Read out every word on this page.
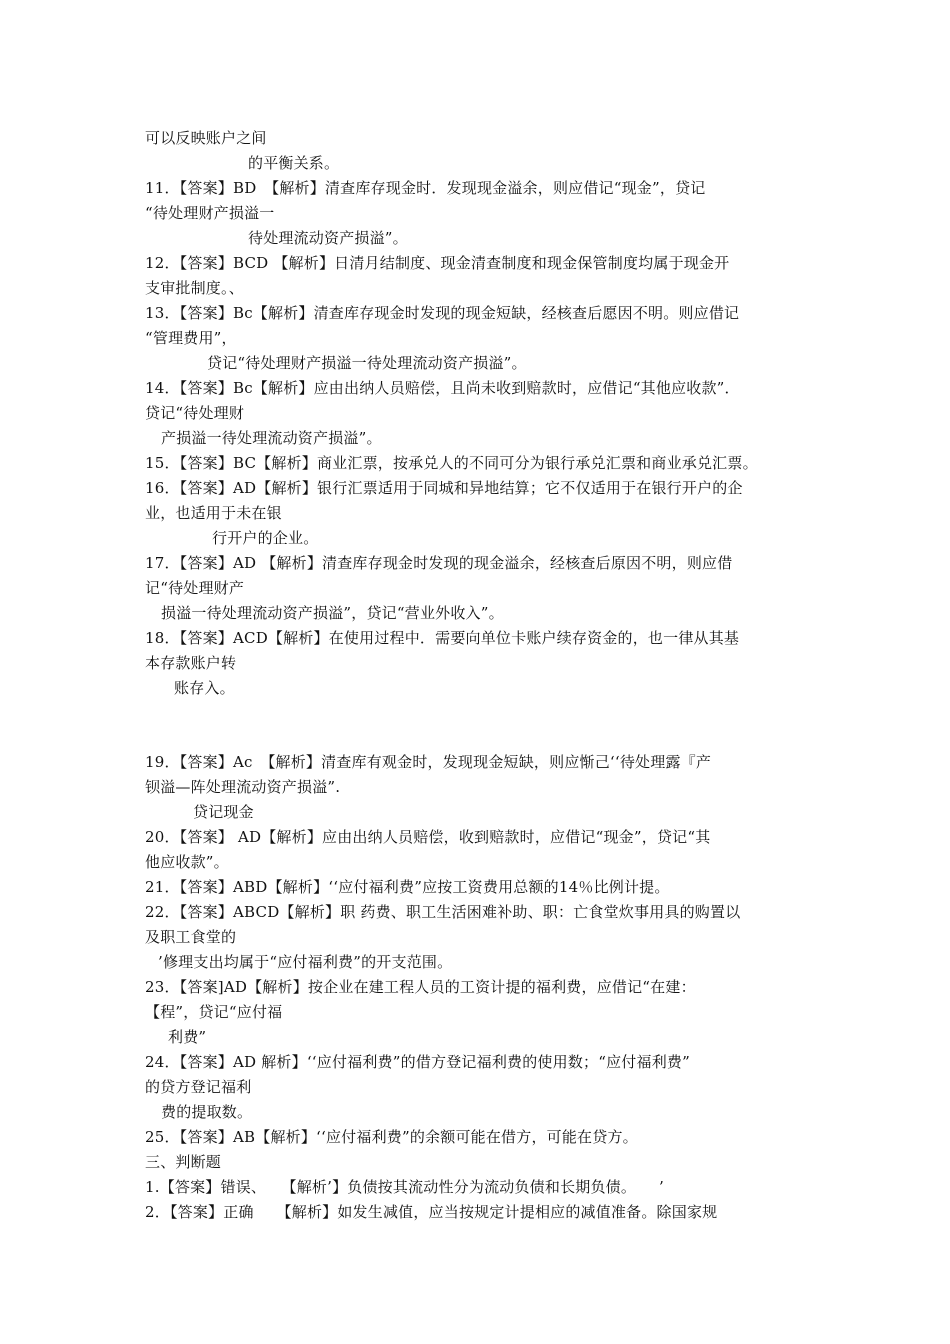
可以反映账户之间
的平衡关系。
11．【答案】BD　【解析】清查库存现金时．发现现金溢余，则应借记“现金”，贷记
“待处理财产损溢一
待处理流动资产损溢”。
12．【答案】BCD 【解析】日清月结制度、现金清查制度和现金保管制度均属于现金开
支审批制度。、
13．【答案】Bc【解析】清查库存现金时发现的现金短缺，经核查后愿因不明。则应借记
“管理费用”，
贷记“待处理财产损溢一待处理流动资产损溢”。
14．【答案】Bc【解析】应由出纳人员赔偿，且尚未收到赔款时，应借记“其他应收款”．
贷记“待处理财
产损溢一待处理流动资产损溢”。
15．【答案】BC【解析】商业汇票，按承兑人的不同可分为银行承兑汇票和商业承兑汇票。
16．【答案】AD【解析】银行汇票适用于同城和异地结算；它不仅适用于在银行开户的企
业，也适用于未在银
行开户的企业。
17．【答案】AD 【解析】清查库存现金时发现的现金溢余，经核查后原因不明，则应借
记“待处理财产
损溢一待处理流动资产损溢”，贷记“营业外收入”。
18．【答案】ACD【解析】在使用过程中．需要向单位卡账户续存资金的，也一律从其基
本存款账户转
账存入。
19．【答案】Ac　【解析】清查库有观金时，发现现金短缺，则应惭己‘‘待处理露『产
钡溢—阵处理流动资产损溢”.
贷记现金
20．【答案】 AD【解析】应由出纳人员赔偿，收到赔款时，应借记“现金”，贷记“其
他应收款”。
21．【答案】ABD【解析】‘‘应付福利费”应按工资费用总额的14％比例计提。
22．【答案】ABCD【解析】职 药费、职工生活困难补助、职：亡食堂炊事用具的购置以
及职工食堂的
’修理支出均属于“应付福利费”的开支范围。
23．【答案]AD【解析】按企业在建工程人员的工资计提的福利费，应借记“在建：
【程”，贷记“应付福
利费”
24．【答案】AD 解析】‘‘应付福利费”的借方登记福利费的使用数；“应付福利费”
的贷方登记福利
费的提取数。
25．【答案】AB【解析】‘‘应付福利费”的余额可能在借方，可能在贷方。
三、判断题
1.【答案】错误、　　【解析’】负债按其流动性分为流动负债和长期负债。　　’
2．【答案】正确　　【解析】如发生减值，应当按规定计提相应的减值准备。除国家规
